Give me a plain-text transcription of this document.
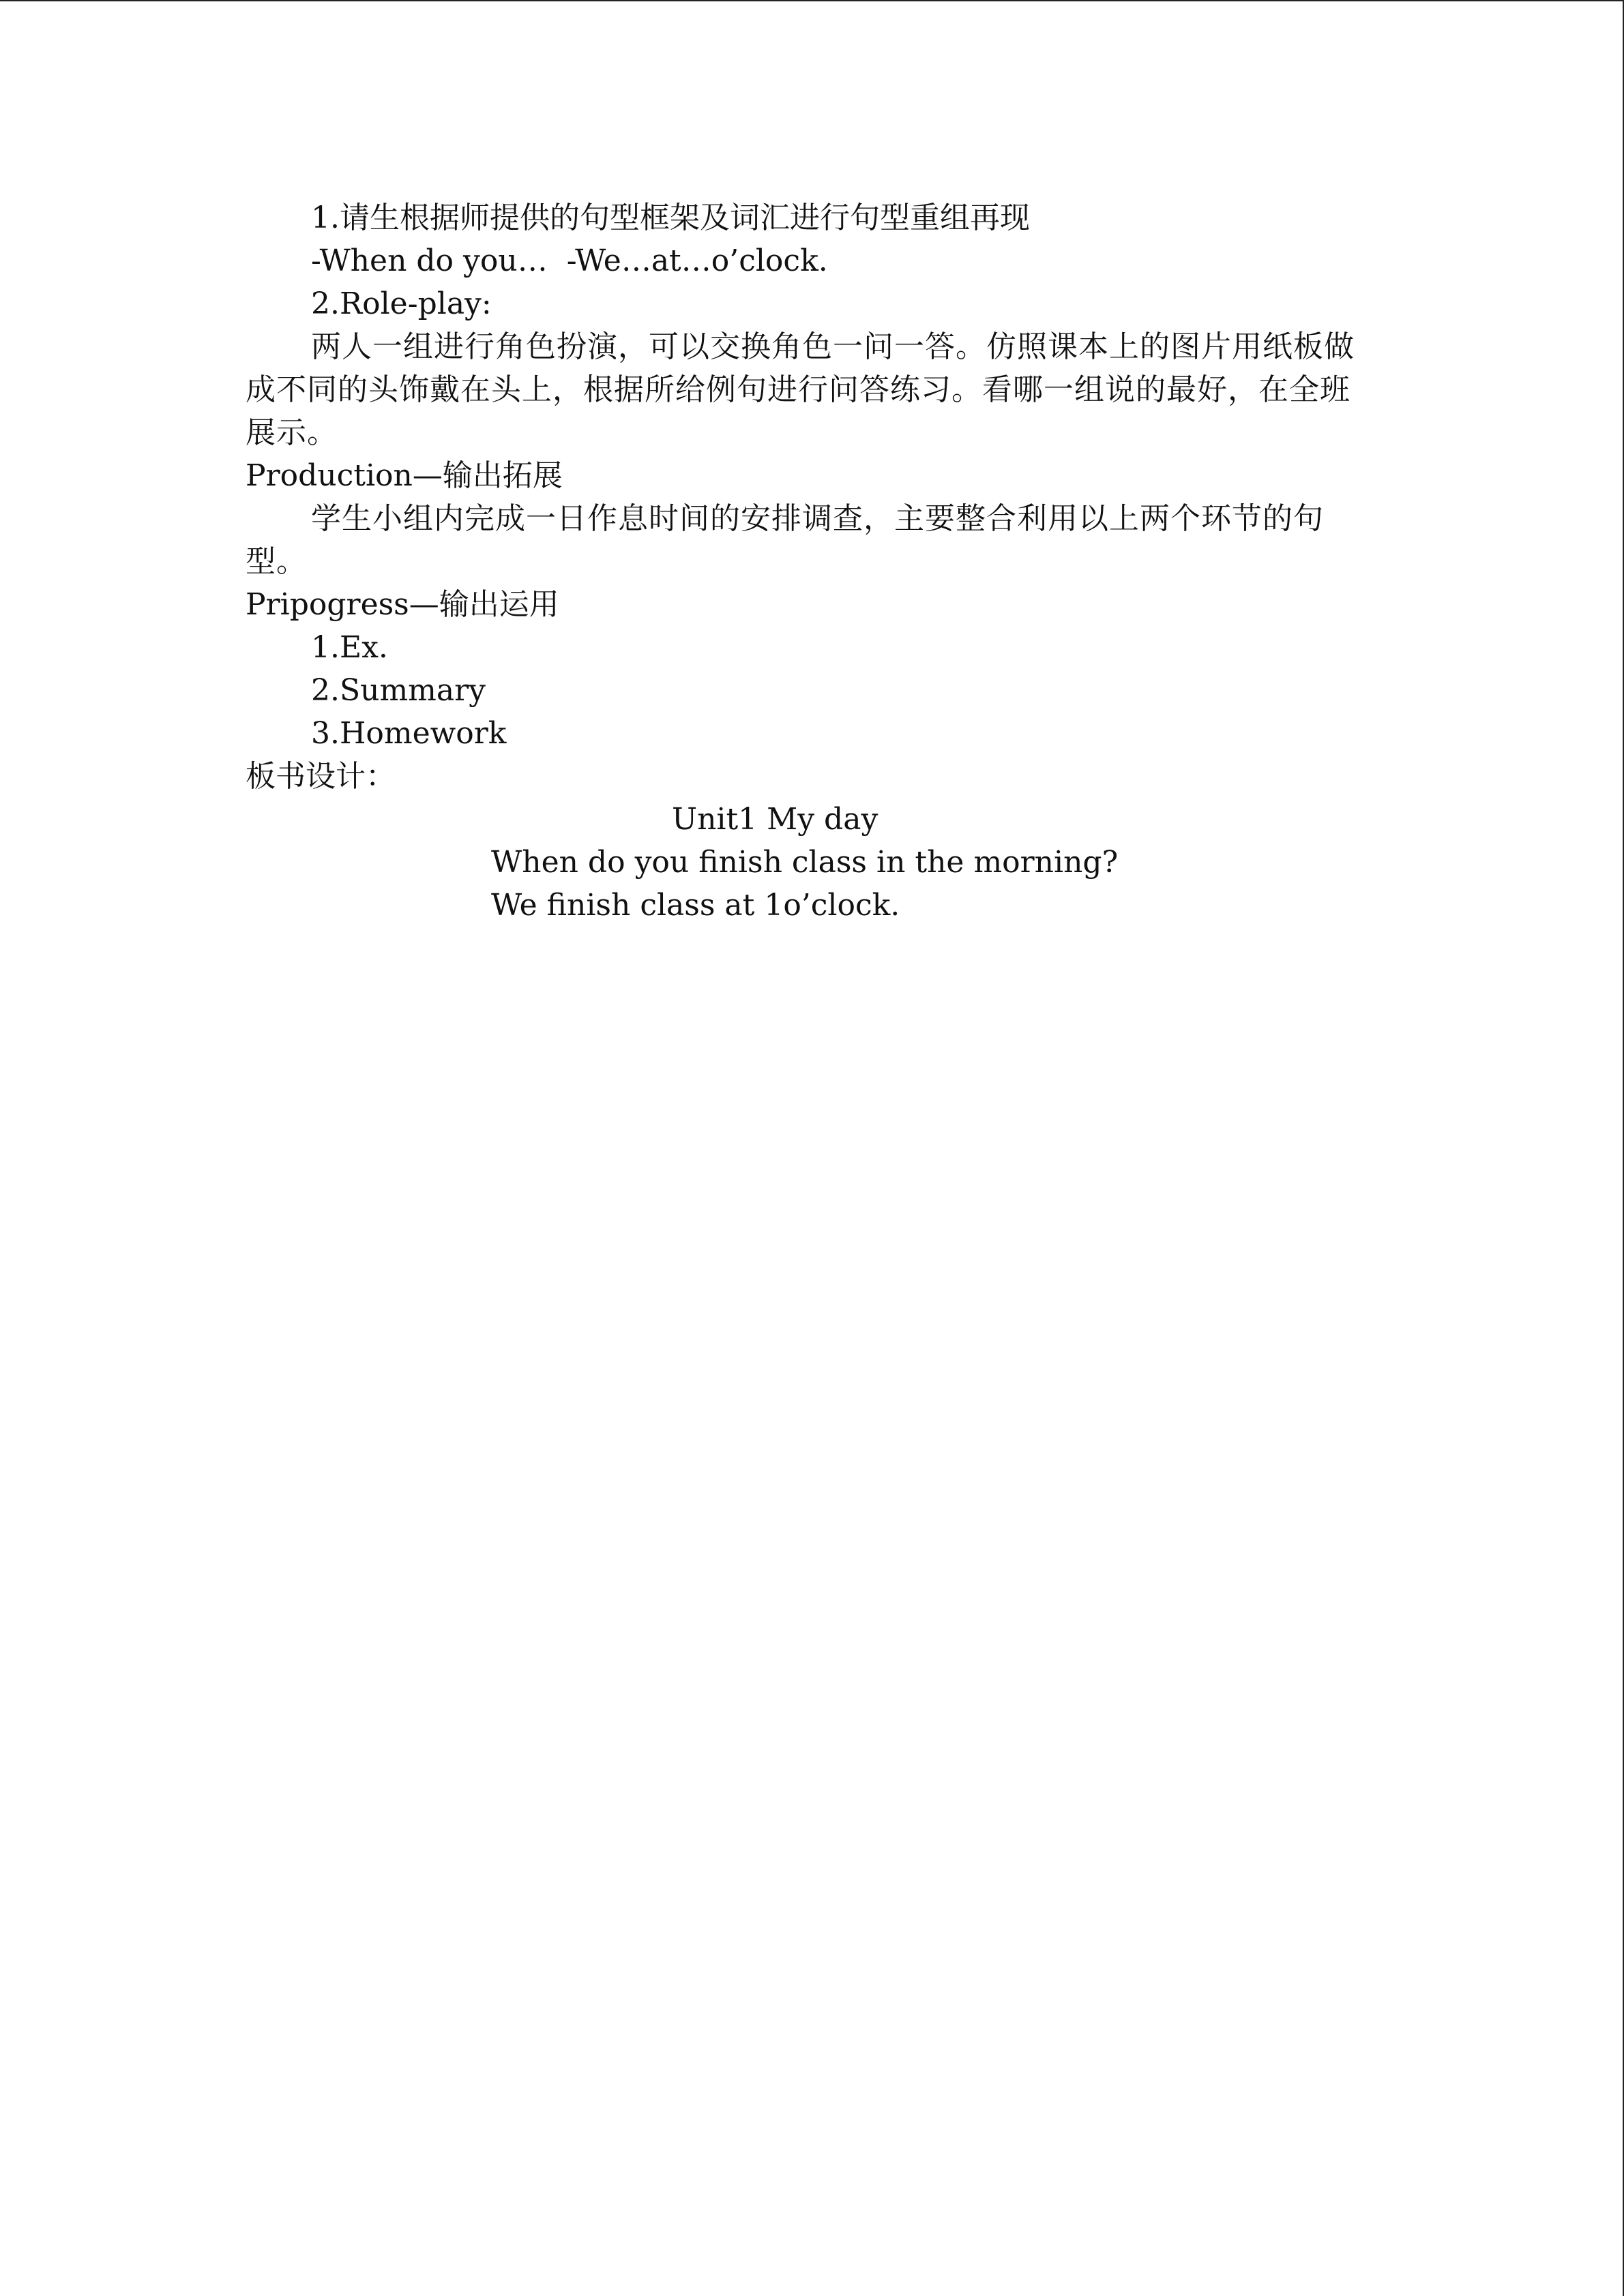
1.请生根据师提供的句型框架及词汇进行句型重组再现
-When do you…  -We…at…o’clock.
2.Role-play:
两人一组进行角色扮演，可以交换角色一问一答。仿照课本上的图片用纸板做成不同的头饰戴在头上，根据所给例句进行问答练习。看哪一组说的最好，在全班展示。
Production—输出拓展
学生小组内完成一日作息时间的安排调查，主要整合利用以上两个环节的句型。
Pripogress—输出运用
1.Ex.
2.Summary
3.Homework
板书设计：
Unit1 My day
When do you finish class in the morning?
We finish class at 1o’clock.
